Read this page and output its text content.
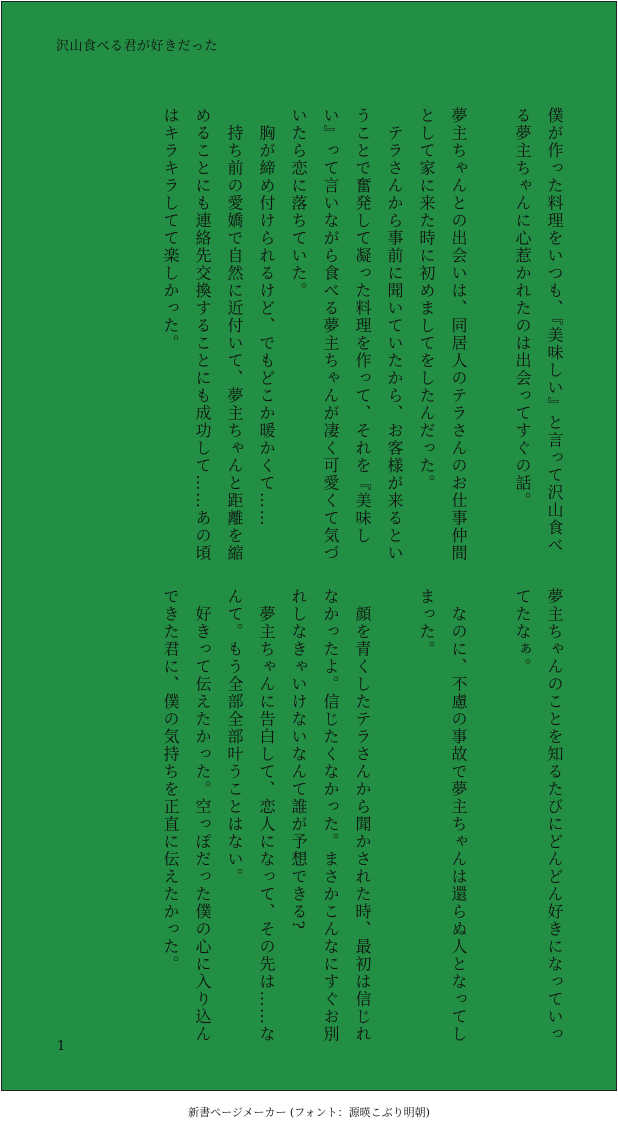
沢山食べる君が好きだった
僕が作った料理をいつも、『美味しい』と言って沢山食べる夢主ちゃんに心惹かれたのは出会ってすぐの話。

夢主ちゃんとの出会いは、同居人のテラさんのお仕事仲間として家に来た時に初めましてをしたんだった。
　テラさんから事前に聞いていたから、お客様が来るということで奮発して凝った料理を作って、それを『美味しい』って言いながら食べる夢主ちゃんが凄く可愛くて気づいたら恋に落ちていた。
　胸が締め付けられるけど、でもどこか暖かくて……
　持ち前の愛嬌で自然に近付いて、夢主ちゃんと距離を縮めることにも連絡先交換することにも成功して……あの頃はキラキラしてて楽しかった。
夢主ちゃんのことを知るたびにどんどん好きになっていってたなぁ。

　なのに、不慮の事故で夢主ちゃんは還らぬ人となってしまった。

　顔を青くしたテラさんから聞かされた時、最初は信じれなかったよ。信じたくなかった。まさかこんなにすぐお別れしなきゃいけないなんて誰が予想できる?
　夢主ちゃんに告白して、恋人になって、その先は……なんて。もう全部全部叶うことはない。
　好きって伝えたかった。空っぽだった僕の心に入り込んできた君に、僕の気持ちを正直に伝えたかった。
1
新書ページメーカー (フォント：源暎こぶり明朝)
